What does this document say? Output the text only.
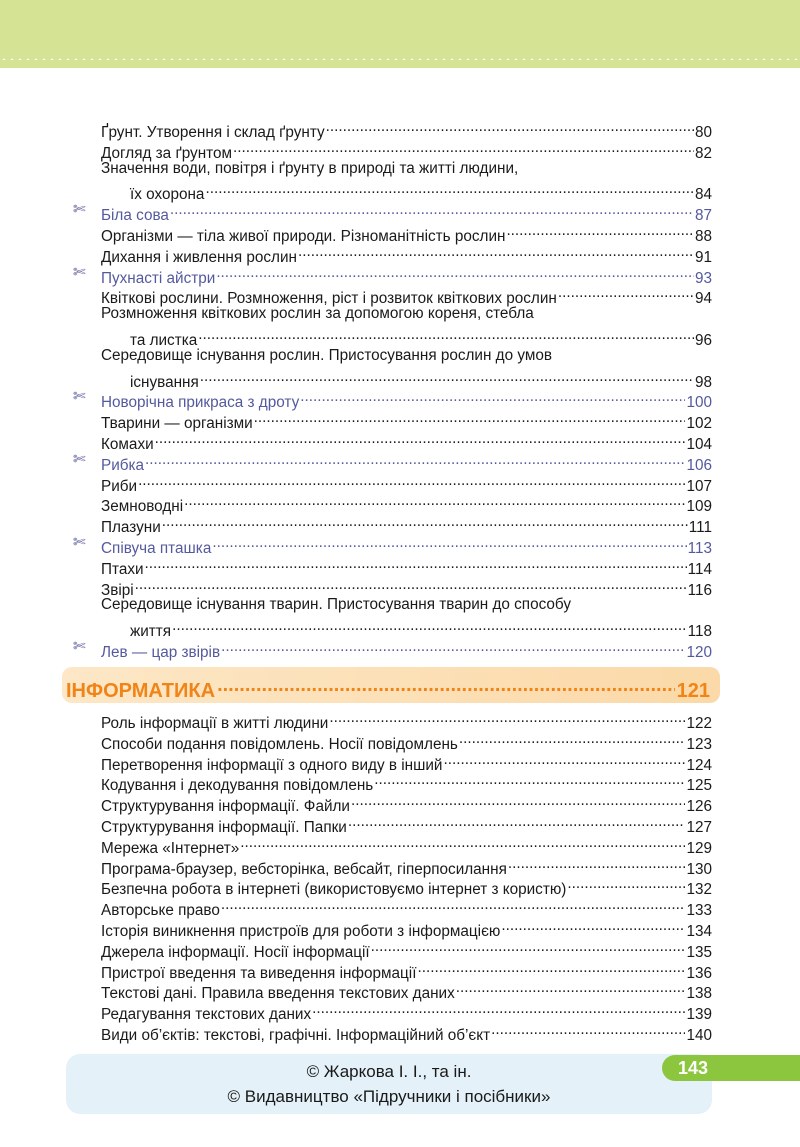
Ґрунт. Утворення і склад ґрунту .....	80
Догляд за ґрунтом .....	82
Значення води, повітря і ґрунту в природі та житті людини,
їх охорона .....	84
✄	Біла сова .....	87
Організми — тіла живої природи. Різноманітність рослин .....	88
Дихання і живлення рослин .....	91
✄	Пухнасті айстри .....	93
Квіткові рослини. Розмноження, ріст і розвиток квіткових рослин .....	94
Розмноження квіткових рослин за допомогою кореня, стебла
та листка .....	96
Середовище існування рослин. Пристосування рослин до умов
існування .....	98
✄	Новорічна прикраса з дроту .....	100
Тварини — організми .....	102
Комахи .....	104
✄	Рибка .....	106
Риби .....	107
Земноводні .....	109
Плазуни .....	111
✄	Співуча пташка .....	113
Птахи .....	114
Звірі .....	116
Середовище існування тварин. Пристосування тварин до способу
життя .....	118
✄	Лев — цар звірів .....	120
ІНФОРМАТИКА .....	121
Роль інформації в житті людини .....	122
Способи подання повідомлень. Носії повідомлень .....	123
Перетворення інформації з одного виду в інший .....	124
Кодування і декодування повідомлень .....	125
Структурування інформації. Файли .....	126
Структурування інформації. Папки .....	127
Мережа «Інтернет» .....	129
Програма-браузер, вебсторінка, вебсайт, гіперпосилання .....	130
Безпечна робота в інтернеті (використовуємо інтернет з користю) .....	132
Авторське право .....	133
Історія виникнення пристроїв для роботи з інформацією .....	134
Джерела інформації. Носії інформації .....	135
Пристрої введення та виведення інформації .....	136
Текстові дані. Правила введення текстових даних .....	138
Редагування текстових даних .....	139
Види об’єктів: текстові, графічні. Інформаційний об’єкт .....	140
© Жаркова І. І., та ін.
© Видавництво «Підручники і посібники»
143
